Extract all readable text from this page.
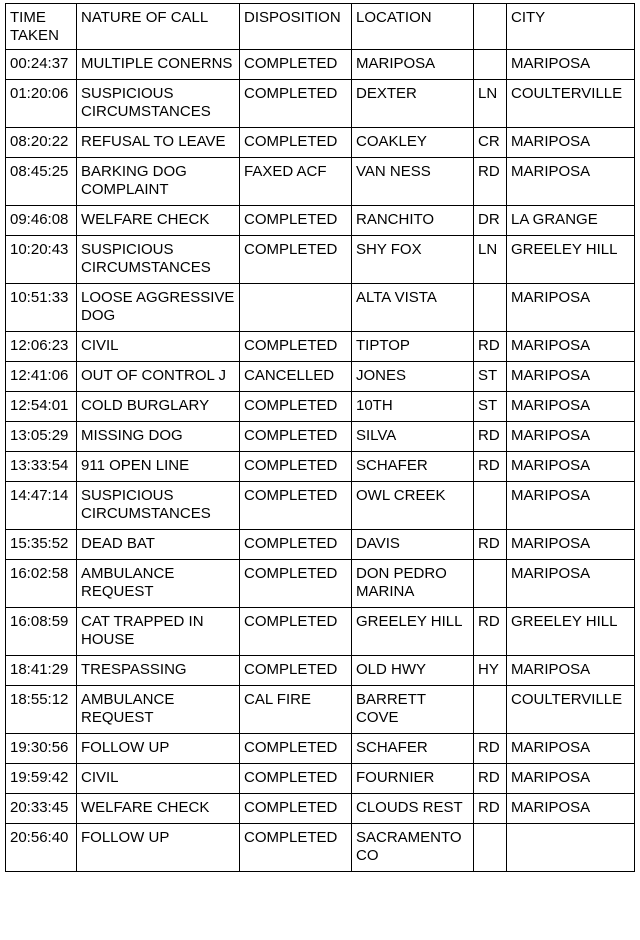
TIME TAKEN	NATURE OF CALL	DISPOSITION	LOCATION		CITY
00:24:37	MULTIPLE CONERNS	COMPLETED	MARIPOSA		MARIPOSA
01:20:06	SUSPICIOUS CIRCUMSTANCES	COMPLETED	DEXTER	LN	COULTERVILLE
08:20:22	REFUSAL TO LEAVE	COMPLETED	COAKLEY	CR	MARIPOSA
08:45:25	BARKING DOG COMPLAINT	FAXED ACF	VAN NESS	RD	MARIPOSA
09:46:08	WELFARE CHECK	COMPLETED	RANCHITO	DR	LA GRANGE
10:20:43	SUSPICIOUS CIRCUMSTANCES	COMPLETED	SHY FOX	LN	GREELEY HILL
10:51:33	LOOSE AGGRESSIVE DOG		ALTA VISTA		MARIPOSA
12:06:23	CIVIL	COMPLETED	TIPTOP	RD	MARIPOSA
12:41:06	OUT OF CONTROL J	CANCELLED	JONES	ST	MARIPOSA
12:54:01	COLD BURGLARY	COMPLETED	10TH	ST	MARIPOSA
13:05:29	MISSING DOG	COMPLETED	SILVA	RD	MARIPOSA
13:33:54	911 OPEN LINE	COMPLETED	SCHAFER	RD	MARIPOSA
14:47:14	SUSPICIOUS CIRCUMSTANCES	COMPLETED	OWL CREEK		MARIPOSA
15:35:52	DEAD BAT	COMPLETED	DAVIS	RD	MARIPOSA
16:02:58	AMBULANCE REQUEST	COMPLETED	DON PEDRO MARINA		MARIPOSA
16:08:59	CAT TRAPPED IN HOUSE	COMPLETED	GREELEY HILL	RD	GREELEY HILL
18:41:29	TRESPASSING	COMPLETED	OLD HWY	HY	MARIPOSA
18:55:12	AMBULANCE REQUEST	CAL FIRE	BARRETT COVE		COULTERVILLE
19:30:56	FOLLOW UP	COMPLETED	SCHAFER	RD	MARIPOSA
19:59:42	CIVIL	COMPLETED	FOURNIER	RD	MARIPOSA
20:33:45	WELFARE CHECK	COMPLETED	CLOUDS REST	RD	MARIPOSA
20:56:40	FOLLOW UP	COMPLETED	SACRAMENTO CO		
